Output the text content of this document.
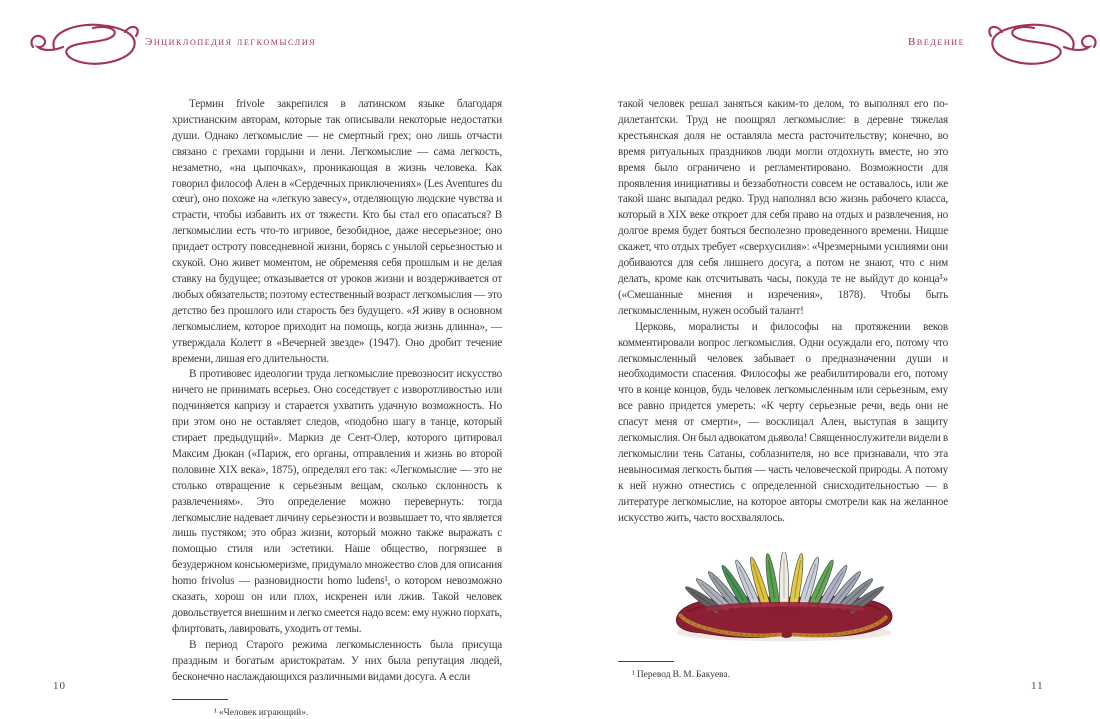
Энциклопедия легкомыслия	Введение

Термин frivole закрепился в латинском языке благодаря христианским авторам, которые так описывали некоторые недостатки души. Однако легкомыслие — не смертный грех; оно лишь отчасти связано с грехами гордыни и лени. Легкомыслие — сама легкость, незаметно, «на цыпочках», проникающая в жизнь человека. Как говорил философ Ален в «Сердечных приключениях» (Les Aventures du cœur), оно похоже на «легкую завесу», отделяющую людские чувства и страсти, чтобы избавить их от тяжести. Кто бы стал его опасаться? В легкомыслии есть что-то игривое, безобидное, даже несерьезное; оно придает остроту повседневной жизни, борясь с унылой серьезностью и скукой. Оно живет моментом, не обременяя себя прошлым и не делая ставку на будущее; отказывается от уроков жизни и воздерживается от любых обязательств; поэтому естественный возраст легкомыслия — это детство без прошлого или старость без будущего. «Я живу в основном легкомыслием, которое приходит на помощь, когда жизнь длинна», — утверждала Колетт в «Вечерней звезде» (1947). Оно дробит течение времени, лишая его длительности.

В противовес идеологии труда легкомыслие превозносит искусство ничего не принимать всерьез. Оно соседствует с изворотливостью или подчиняется капризу и старается ухватить удачную возможность. Но при этом оно не оставляет следов, «подобно шагу в танце, который стирает предыдущий». Маркиз де Сент-Олер, которого цитировал Максим Дюкан («Париж, его органы, отправления и жизнь во второй половине XIX века», 1875), определял его так: «Легкомыслие — это не столько отвращение к серьезным вещам, сколько склонность к развлечениям». Это определение можно перевернуть: тогда легкомыслие надевает личину серьезности и возвышает то, что является лишь пустяком; это образ жизни, который можно также выражать с помощью стиля или эстетики. Наше общество, погрязшее в безудержном консьюмеризме, придумало множество слов для описания homo frivolus — разновидности homo ludens¹, о котором невозможно сказать, хорош он или плох, искренен или лжив. Такой человек довольствуется внешним и легко смеется надо всем: ему нужно порхать, флиртовать, лавировать, уходить от темы.

В период Старого режима легкомысленность была присуща праздным и богатым аристократам. У них была репутация людей, бесконечно наслаждающихся различными видами досуга. А если

¹ «Человек играющий».

такой человек решал заняться каким-то делом, то выполнял его по-дилетантски. Труд не поощрял легкомыслие: в деревне тяжелая крестьянская доля не оставляла места расточительству; конечно, во время ритуальных праздников люди могли отдохнуть вместе, но это время было ограничено и регламентировано. Возможности для проявления инициативы и беззаботности совсем не оставалось, или же такой шанс выпадал редко. Труд наполнял всю жизнь рабочего класса, который в XIX веке откроет для себя право на отдых и развлечения, но долгое время будет бояться бесполезно проведенного времени. Ницше скажет, что отдых требует «сверхусилия»: «Чрезмерными усилиями они добиваются для себя лишнего досуга, а потом не знают, что с ним делать, кроме как отсчитывать часы, покуда те не выйдут до конца¹» («Смешанные мнения и изречения», 1878). Чтобы быть легкомысленным, нужен особый талант!

Церковь, моралисты и философы на протяжении веков комментировали вопрос легкомыслия. Одни осуждали его, потому что легкомысленный человек забывает о предназначении души и необходимости спасения. Философы же реабилитировали его, потому что в конце концов, будь человек легкомысленным или серьезным, ему все равно придется умереть: «К черту серьезные речи, ведь они не спасут меня от смерти», — восклицал Ален, выступая в защиту легкомыслия. Он был адвокатом дьявола! Священнослужители видели в легкомыслии тень Сатаны, соблазнителя, но все признавали, что эта невыносимая легкость бытия — часть человеческой природы. А потому к ней нужно отнестись с определенной снисходительностью — в литературе легкомыслие, на которое авторы смотрели как на желанное искусство жить, часто восхвалялось.

¹ Перевод В. М. Бакуева.
10	11
